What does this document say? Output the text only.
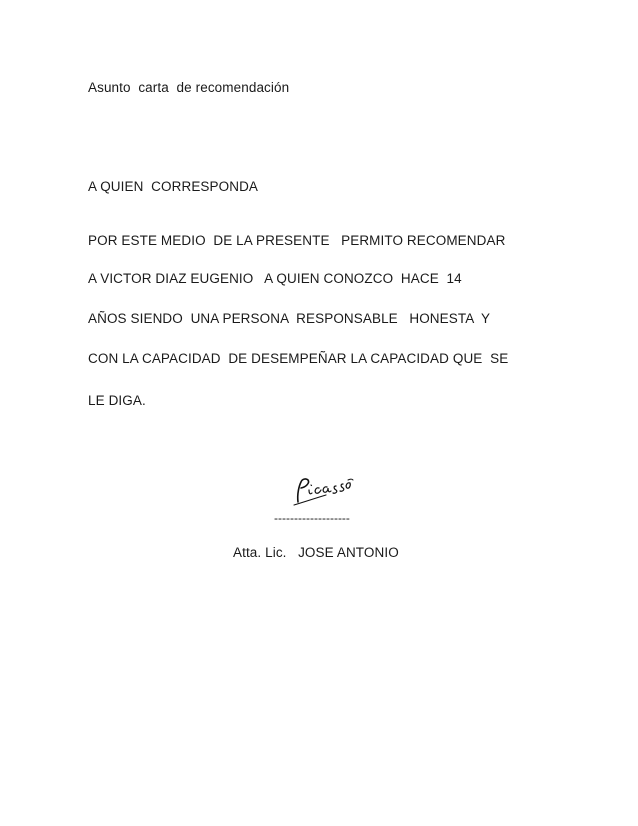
Asunto  carta  de recomendación
A QUIEN  CORRESPONDA
POR ESTE MEDIO  DE LA PRESENTE   PERMITO RECOMENDAR
A VICTOR DIAZ EUGENIO   A QUIEN CONOZCO  HACE  14
AÑOS SIENDO  UNA PERSONA  RESPONSABLE   HONESTA  Y
CON LA CAPACIDAD  DE DESEMPEÑAR LA CAPACIDAD QUE  SE
LE DIGA.
-------------------
Atta. Lic.   JOSE ANTONIO
